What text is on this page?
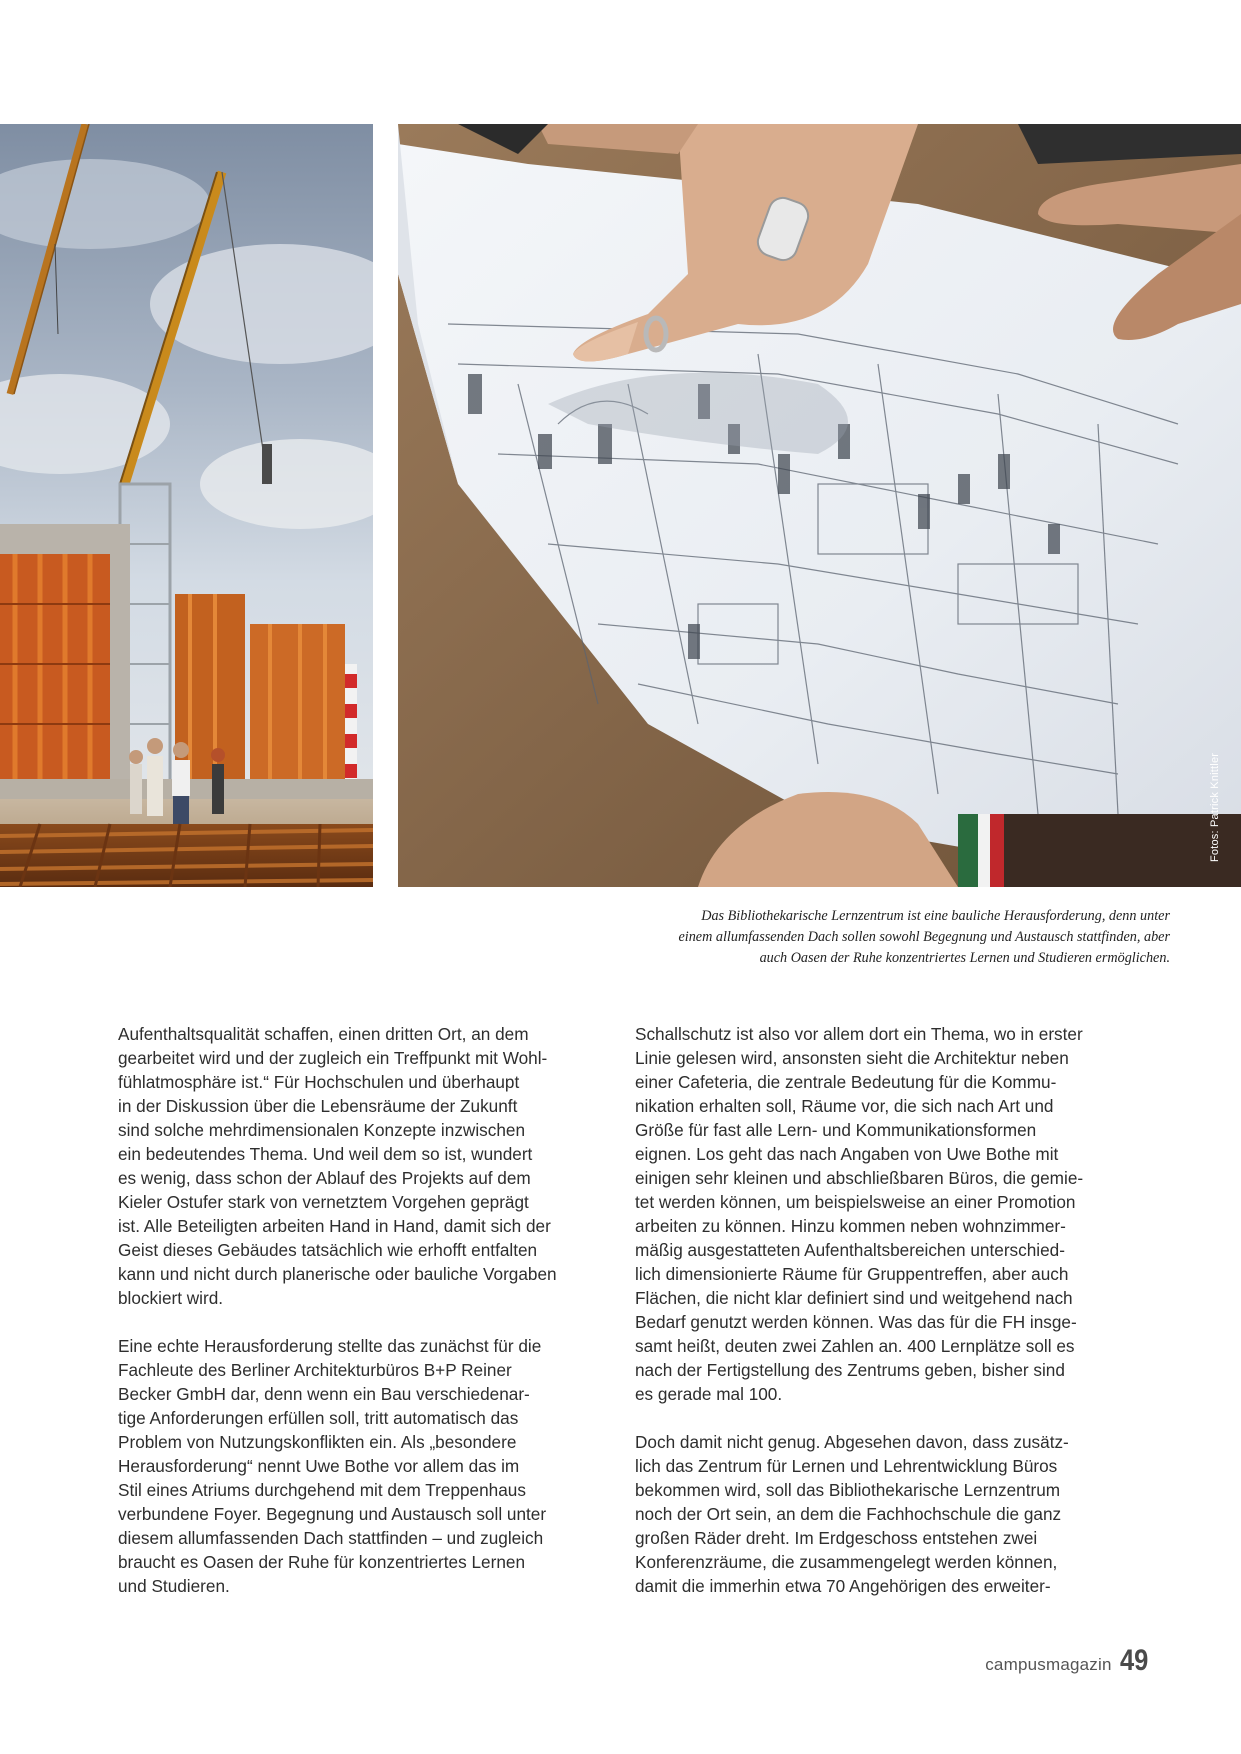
Fotos: Patrick Knittler
Das Bibliothekarische Lernzentrum ist eine bauliche Herausforderung, denn unter
einem allumfassenden Dach sollen sowohl Begegnung und Austausch stattfinden, aber
auch Oasen der Ruhe konzentriertes Lernen und Studieren ermöglichen.
Aufenthaltsqualität schaffen, einen dritten Ort, an dem
gearbeitet wird und der zugleich ein Treffpunkt mit Wohl-
fühlatmosphäre ist.“ Für Hochschulen und überhaupt
in der Diskussion über die Lebensräume der Zukunft
sind solche mehrdimensionalen Konzepte inzwischen
ein bedeutendes Thema. Und weil dem so ist, wundert
es wenig, dass schon der Ablauf des Projekts auf dem
Kieler Ostufer stark von vernetztem Vorgehen geprägt
ist. Alle Beteiligten arbeiten Hand in Hand, damit sich der
Geist dieses Gebäudes tatsächlich wie erhofft entfalten
kann und nicht durch planerische oder bauliche Vorgaben
blockiert wird.
Eine echte Herausforderung stellte das zunächst für die
Fachleute des Berliner Architekturbüros B+P Reiner
Becker GmbH dar, denn wenn ein Bau verschiedenar-
tige Anforderungen erfüllen soll, tritt automatisch das
Problem von Nutzungskonflikten ein. Als „besondere
Herausforderung“ nennt Uwe Bothe vor allem das im
Stil eines Atriums durchgehend mit dem Treppenhaus
verbundene Foyer. Begegnung und Austausch soll unter
diesem allumfassenden Dach stattfinden – und zugleich
braucht es Oasen der Ruhe für konzentriertes Lernen
und Studieren.
Schallschutz ist also vor allem dort ein Thema, wo in erster
Linie gelesen wird, ansonsten sieht die Architektur neben
einer Cafeteria, die zentrale Bedeutung für die Kommu-
nikation erhalten soll, Räume vor, die sich nach Art und
Größe für fast alle Lern- und Kommunikationsformen
eignen. Los geht das nach Angaben von Uwe Bothe mit
einigen sehr kleinen und abschließbaren Büros, die gemie-
tet werden können, um beispielsweise an einer Promotion
arbeiten zu können. Hinzu kommen neben wohnzimmer-
mäßig ausgestatteten Aufenthaltsbereichen unterschied-
lich dimensionierte Räume für Gruppentreffen, aber auch
Flächen, die nicht klar definiert sind und weitgehend nach
Bedarf genutzt werden können. Was das für die FH insge-
samt heißt, deuten zwei Zahlen an. 400 Lernplätze soll es
nach der Fertigstellung des Zentrums geben, bisher sind
es gerade mal 100.
Doch damit nicht genug. Abgesehen davon, dass zusätz-
lich das Zentrum für Lernen und Lehrentwicklung Büros
bekommen wird, soll das Bibliothekarische Lernzentrum
noch der Ort sein, an dem die Fachhochschule die ganz
großen Räder dreht. Im Erdgeschoss entstehen zwei
Konferenzräume, die zusammengelegt werden können,
damit die immerhin etwa 70 Angehörigen des erweiter-
campusmagazin 49
